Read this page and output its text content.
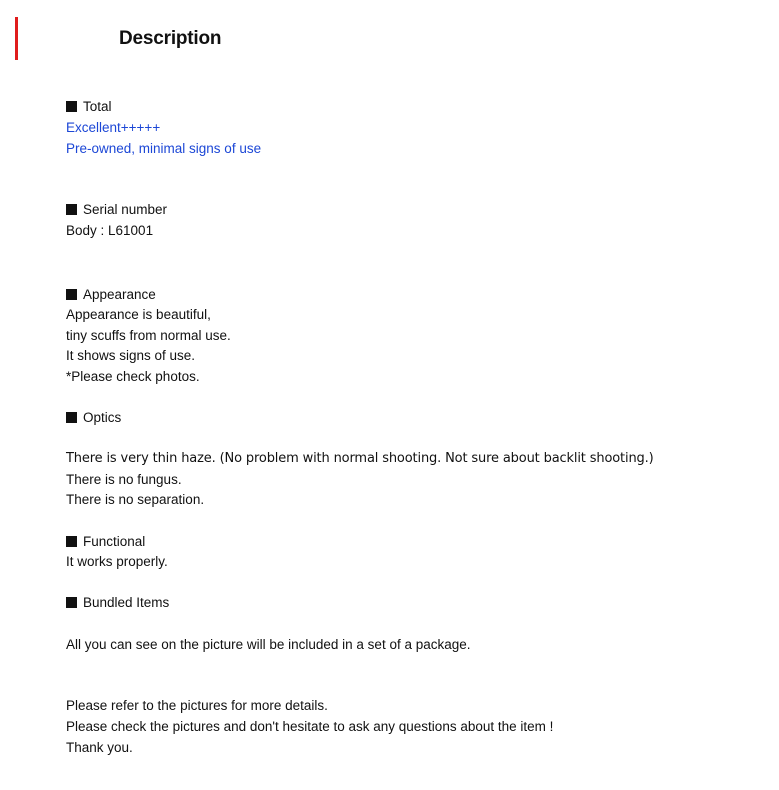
Description
Total
Excellent+++++
Pre-owned, minimal signs of use
Serial number
Body : L61001
Appearance
Appearance is beautiful,
tiny scuffs from normal use.
It shows signs of use.
*Please check photos.
Optics
There is very thin haze. (No problem with normal shooting. Not sure about backlit shooting.)
There is no fungus.
There is no separation.
Functional
It works properly.
Bundled Items
All you can see on the picture will be included in a set of a package.
Please refer to the pictures for more details.
Please check the pictures and don't hesitate to ask any questions about the item !
Thank you.
